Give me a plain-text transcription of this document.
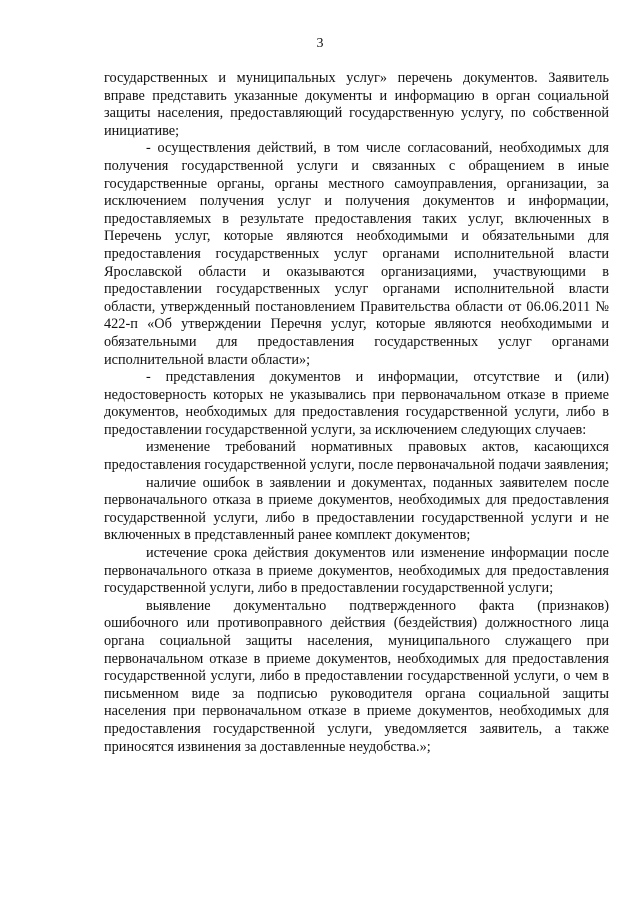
3

государственных и муниципальных услуг» перечень документов. Заявитель вправе представить указанные документы и информацию в орган социальной защиты населения, предоставляющий государственную услугу, по собственной инициативе;

- осуществления действий, в том числе согласований, необходимых для получения государственной услуги и связанных с обращением в иные государственные органы, органы местного самоуправления, организации, за исключением получения услуг и получения документов и информации, предоставляемых в результате предоставления таких услуг, включенных в Перечень услуг, которые являются необходимыми и обязательными для предоставления государственных услуг органами исполнительной власти Ярославской области и оказываются организациями, участвующими в предоставлении государственных услуг органами исполнительной власти области, утвержденный постановлением Правительства области от 06.06.2011 № 422-п «Об утверждении Перечня услуг, которые являются необходимыми и обязательными для предоставления государственных услуг органами исполнительной власти области»;

- представления документов и информации, отсутствие и (или) недостоверность которых не указывались при первоначальном отказе в приеме документов, необходимых для предоставления государственной услуги, либо в предоставлении государственной услуги, за исключением следующих случаев:

изменение требований нормативных правовых актов, касающихся предоставления государственной услуги, после первоначальной подачи заявления;

наличие ошибок в заявлении и документах, поданных заявителем после первоначального отказа в приеме документов, необходимых для предоставления государственной услуги, либо в предоставлении государственной услуги и не включенных в представленный ранее комплект документов;

истечение срока действия документов или изменение информации после первоначального отказа в приеме документов, необходимых для предоставления государственной услуги, либо в предоставлении государственной услуги;

выявление документально подтвержденного факта (признаков) ошибочного или противоправного действия (бездействия) должностного лица органа социальной защиты населения, муниципального служащего при первоначальном отказе в приеме документов, необходимых для предоставления государственной услуги, либо в предоставлении государственной услуги, о чем в письменном виде за подписью руководителя органа социальной защиты населения при первоначальном отказе в приеме документов, необходимых для предоставления государственной услуги, уведомляется заявитель, а также приносятся извинения за доставленные неудобства.»;
